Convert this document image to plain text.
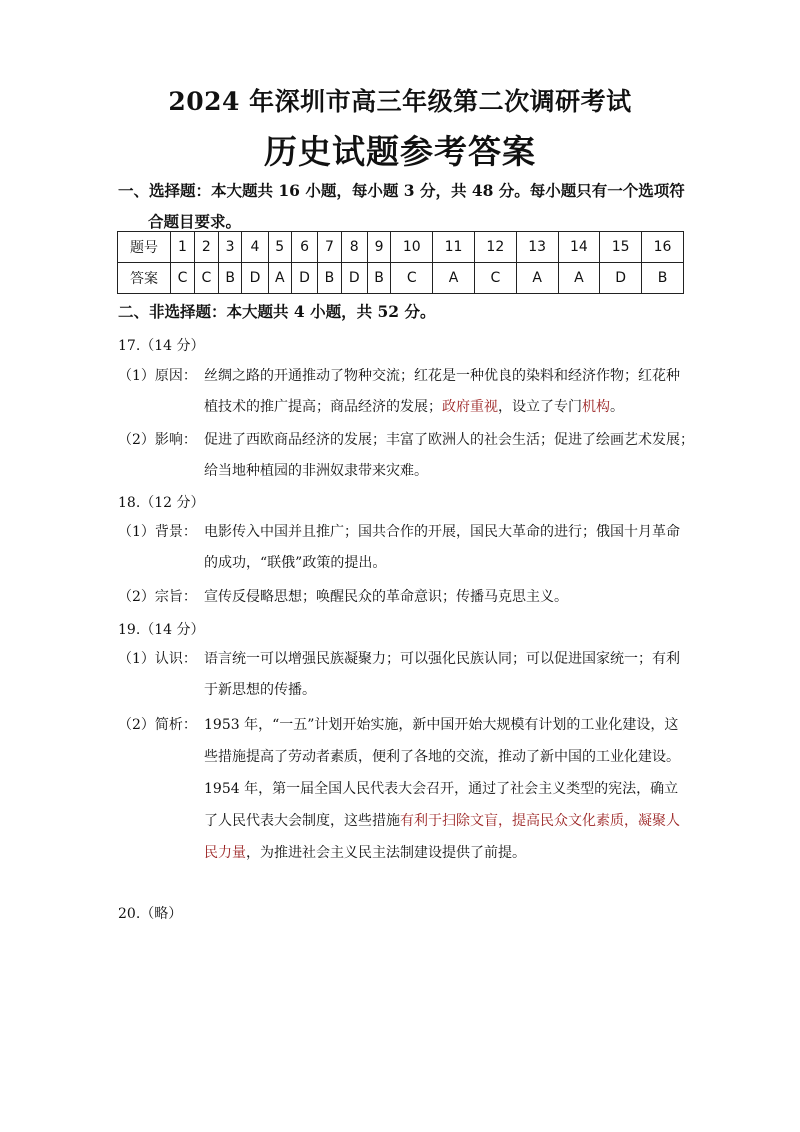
2024 年深圳市高三年级第二次调研考试
历史试题参考答案
一、选择题：本大题共 16 小题，每小题 3 分，共 48 分。每小题只有一个选项符
合题目要求。
题号	1	2	3	4	5	6	7	8	9	10	11	12	13	14	15	16
答案	C	C	B	D	A	D	B	D	B	C	A	C	A	A	D	B
二、非选择题：本大题共 4 小题，共 52 分。
17.（14 分）
（1）原因： 丝绸之路的开通推动了物种交流；红花是一种优良的染料和经济作物；红花种
植技术的推广提高；商品经济的发展；政府重视，设立了专门机构。
（2）影响： 促进了西欧商品经济的发展；丰富了欧洲人的社会生活；促进了绘画艺术发展；
给当地种植园的非洲奴隶带来灾难。
18.（12 分）
（1）背景： 电影传入中国并且推广；国共合作的开展，国民大革命的进行；俄国十月革命
的成功，“联俄”政策的提出。
（2）宗旨： 宣传反侵略思想；唤醒民众的革命意识；传播马克思主义。
19.（14 分）
（1）认识： 语言统一可以增强民族凝聚力；可以强化民族认同；可以促进国家统一；有利
于新思想的传播。
（2）简析： 1953 年，“一五”计划开始实施，新中国开始大规模有计划的工业化建设，这
些措施提高了劳动者素质，便利了各地的交流，推动了新中国的工业化建设。
1954 年，第一届全国人民代表大会召开，通过了社会主义类型的宪法，确立
了人民代表大会制度，这些措施有利于扫除文盲，提高民众文化素质，凝聚人
民力量，为推进社会主义民主法制建设提供了前提。
20.（略）
